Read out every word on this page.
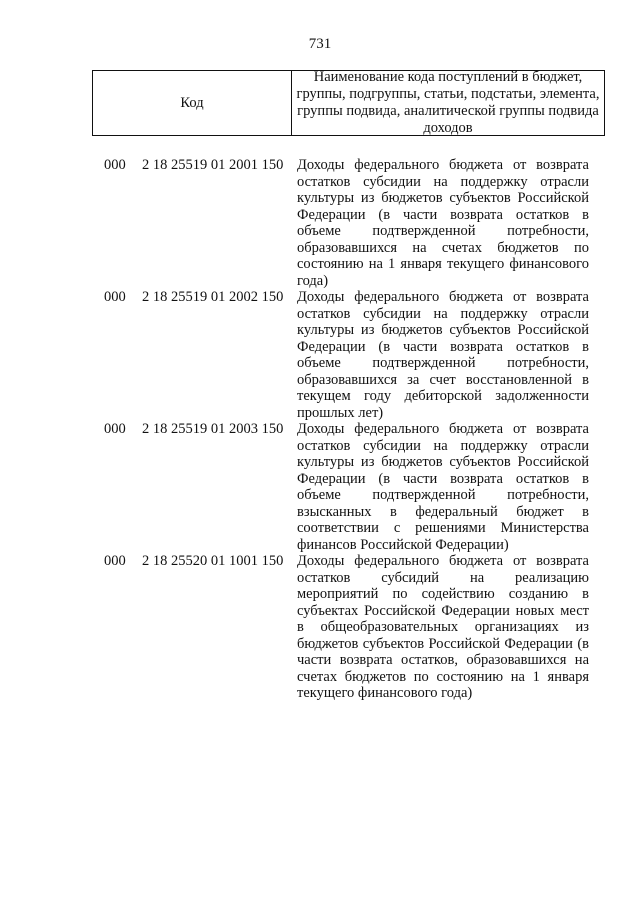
731
Код
Наименование кода поступлений в бюджет, группы, подгруппы, статьи, подстатьи, элемента, группы подвида, аналитической группы подвида доходов
000 2 18 25519 01 2001 150 Доходы федерального бюджета от возврата остатков субсидии на поддержку отрасли культуры из бюджетов субъектов Российской Федерации (в части возврата остатков в объеме подтвержденной потребности, образовавшихся на счетах бюджетов по состоянию на 1 января текущего финансового года)
000 2 18 25519 01 2002 150 Доходы федерального бюджета от возврата остатков субсидии на поддержку отрасли культуры из бюджетов субъектов Российской Федерации (в части возврата остатков в объеме подтвержденной потребности, образовавшихся за счет восстановленной в текущем году дебиторской задолженности прошлых лет)
000 2 18 25519 01 2003 150 Доходы федерального бюджета от возврата остатков субсидии на поддержку отрасли культуры из бюджетов субъектов Российской Федерации (в части возврата остатков в объеме подтвержденной потребности, взысканных в федеральный бюджет в соответствии с решениями Министерства финансов Российской Федерации)
000 2 18 25520 01 1001 150 Доходы федерального бюджета от возврата остатков субсидий на реализацию мероприятий по содействию созданию в субъектах Российской Федерации новых мест в общеобразовательных организациях из бюджетов субъектов Российской Федерации (в части возврата остатков, образовавшихся на счетах бюджетов по состоянию на 1 января текущего финансового года)
